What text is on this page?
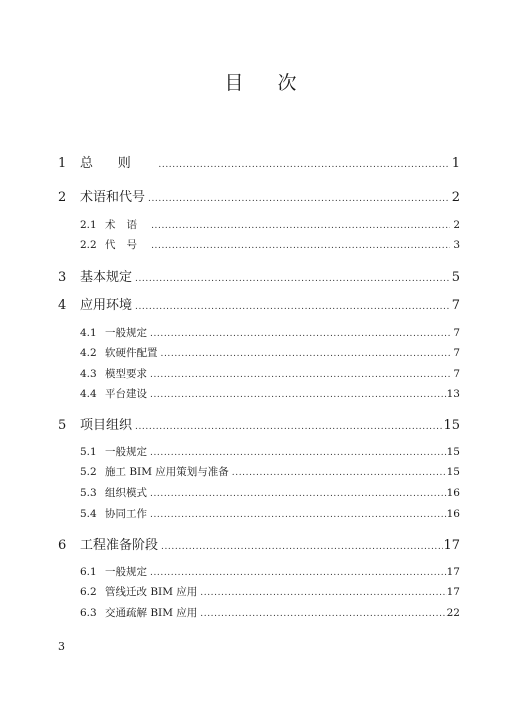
目次
1	总则 .....	1
2	术语和代号 .....	2
2.1 术语 .....	2
2.2 代号 .....	3
3	基本规定 .....	5
4	应用环境 .....	7
4.1 一般规定 .....	7
4.2 软硬件配置 .....	7
4.3 模型要求 .....	7
4.4 平台建设 .....	13
5	项目组织 .....	15
5.1 一般规定 .....	15
5.2 施工 BIM 应用策划与准备 .....	15
5.3 组织模式 .....	16
5.4 协同工作 .....	16
6	工程准备阶段 .....	17
6.1 一般规定 .....	17
6.2 管线迁改 BIM 应用 .....	17
6.3 交通疏解 BIM 应用 .....	22
3
